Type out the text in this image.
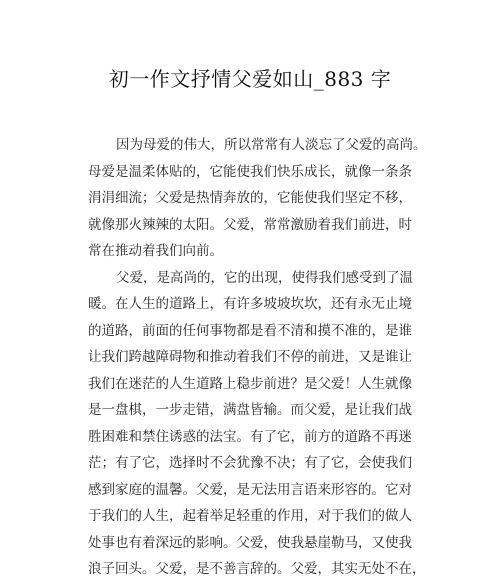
初一作文抒情父爱如山_883 字
因为母爱的伟大，所以常常有人淡忘了父爱的高尚。
母爱是温柔体贴的，它能使我们快乐成长，就像一条条
涓涓细流；父爱是热情奔放的，它能使我们坚定不移，
就像那火辣辣的太阳。父爱，常常激励着我们前进，时
常在推动着我们向前。
父爱，是高尚的，它的出现，使得我们感受到了温
暖。在人生的道路上，有许多坡坡坎坎，还有永无止境
的道路，前面的任何事物都是看不清和摸不准的，是谁
让我们跨越障碍物和推动着我们不停的前进，又是谁让
我们在迷茫的人生道路上稳步前进？是父爱！人生就像
是一盘棋，一步走错，满盘皆输。而父爱，是让我们战
胜困难和禁住诱惑的法宝。有了它，前方的道路不再迷
茫；有了它，选择时不会犹豫不决；有了它，会使我们
感到家庭的温馨。父爱，是无法用言语来形容的。它对
于我们的人生，起着举足轻重的作用，对于我们的做人
处事也有着深远的影响。父爱，使我悬崖勒马，又使我
浪子回头。父爱，是不善言辞的。父爱，其实无处不在，
